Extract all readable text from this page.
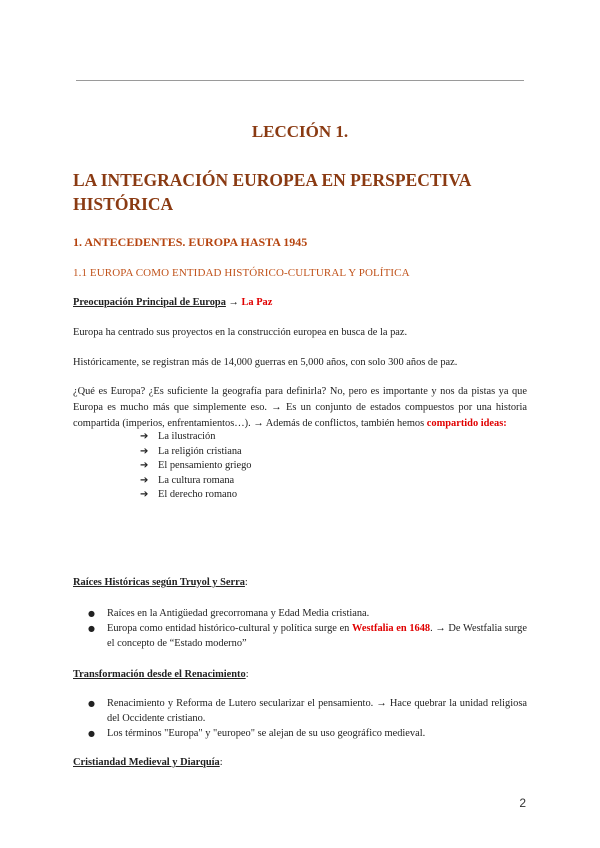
LECCIÓN 1.
LA INTEGRACIÓN EUROPEA EN PERSPECTIVA HISTÓRICA
1. ANTECEDENTES. EUROPA HASTA 1945
1.1 EUROPA COMO ENTIDAD HISTÓRICO-CULTURAL Y POLÍTICA
Preocupación Principal de Europa → La Paz
Europa ha centrado sus proyectos en la construcción europea en busca de la paz.
Históricamente, se registran más de 14,000 guerras en 5,000 años, con solo 300 años de paz.
¿Qué es Europa? ¿Es suficiente la geografía para definirla? No, pero es importante y nos da pistas ya que Europa es mucho más que simplemente eso. → Es un conjunto de estados compuestos por una historia compartida (imperios, enfrentamientos…). → Además de conflictos, también hemos compartido ideas:
➔ La ilustración
➔ La religión cristiana
➔ El pensamiento griego
➔ La cultura romana
➔ El derecho romano
Raíces Históricas según Truyol y Serra:
●	Raíces en la Antigüedad grecorromana y Edad Media cristiana.
●	Europa como entidad histórico-cultural y política surge en Westfalia en 1648. → De Westfalia surge el concepto de “Estado moderno”
Transformación desde el Renacimiento:
●	Renacimiento y Reforma de Lutero secularizar el pensamiento. → Hace quebrar la unidad religiosa del Occidente cristiano.
●	Los términos "Europa" y "europeo" se alejan de su uso geográfico medieval.
Cristiandad Medieval y Diarquía:
2
